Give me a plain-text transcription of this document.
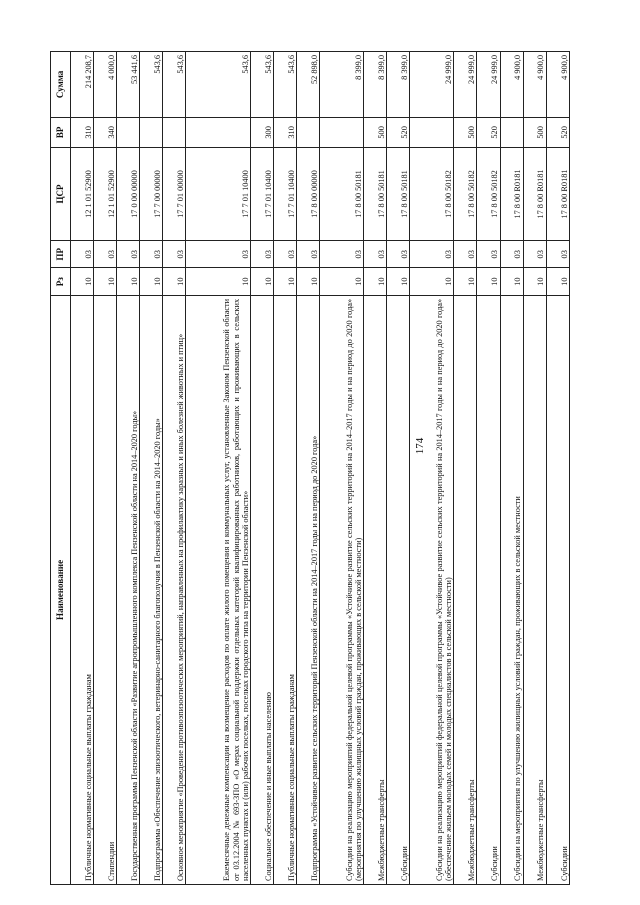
174
Наименование	Рз	ПР	ЦСР	ВР	Сумма
Публичные нормативные социальные выплаты гражданам	10	03	12 1 01 52900	310	214 208,7
Стипендии	10	03	12 1 01 52900	340	4 000,0
Государственная программа Пензенской области «Развитие агропромышленного комплекса Пензенской области на 2014–2020 годы»	10	03	17 0 00 00000		53 441,6
Подпрограмма «Обеспечение эпизоотического, ветеринарно-санитарного благополучия в Пензенской области на 2014–2020 годы»	10	03	17 7 00 00000		543,6
Основное мероприятие «Проведение противоэпизоотических мероприятий, направленных на профилактику заразных и иных болезней животных и птиц»	10	03	17 7 01 00000		543,6
Ежемесячные денежные компенсации на возмещение расходов по оплате жилого помещения и коммунальных услуг, установленные Законом Пензенской области от 03.12.2004 № 693-ЗПО «О мерах социальной поддержки отдельных категорий квалифицированных работников, работающих и проживающих в сельских населенных пунктах и (или) рабочих поселках, поселках городского типа на территории Пензенской области»	10	03	17 7 01 10400		543,6
Социальное обеспечение и иные выплаты населению	10	03	17 7 01 10400	300	543,6
Публичные нормативные социальные выплаты гражданам	10	03	17 7 01 10400	310	543,6
Подпрограмма «Устойчивое развитие сельских территорий Пензенской области на 2014–2017 годы и на период до 2020 года»	10	03	17 8 00 00000		52 898,0
Субсидии на реализацию мероприятий федеральной целевой программы «Устойчивое развитие сельских территорий на 2014–2017 годы и на период до 2020 года» (мероприятия по улучшению жилищных условий граждан, проживающих в сельской местности)	10	03	17 8 00 50181		8 399,0
Межбюджетные трансферты	10	03	17 8 00 50181	500	8 399,0
Субсидии	10	03	17 8 00 50181	520	8 399,0
Субсидии на реализацию мероприятий федеральной целевой программы «Устойчивое развитие сельских территорий на 2014–2017 годы и на период до 2020 года» (обеспечение жильем молодых семей и молодых специалистов в сельской местности)	10	03	17 8 00 50182		24 999,0
Межбюджетные трансферты	10	03	17 8 00 50182	500	24 999,0
Субсидии	10	03	17 8 00 50182	520	24 999,0
Субсидии на мероприятия по улучшению жилищных условий граждан, проживающих в сельской местности	10	03	17 8 00 R0181		4 900,0
Межбюджетные трансферты	10	03	17 8 00 R0181	500	4 900,0
Субсидии	10	03	17 8 00 R0181	520	4 900,0
